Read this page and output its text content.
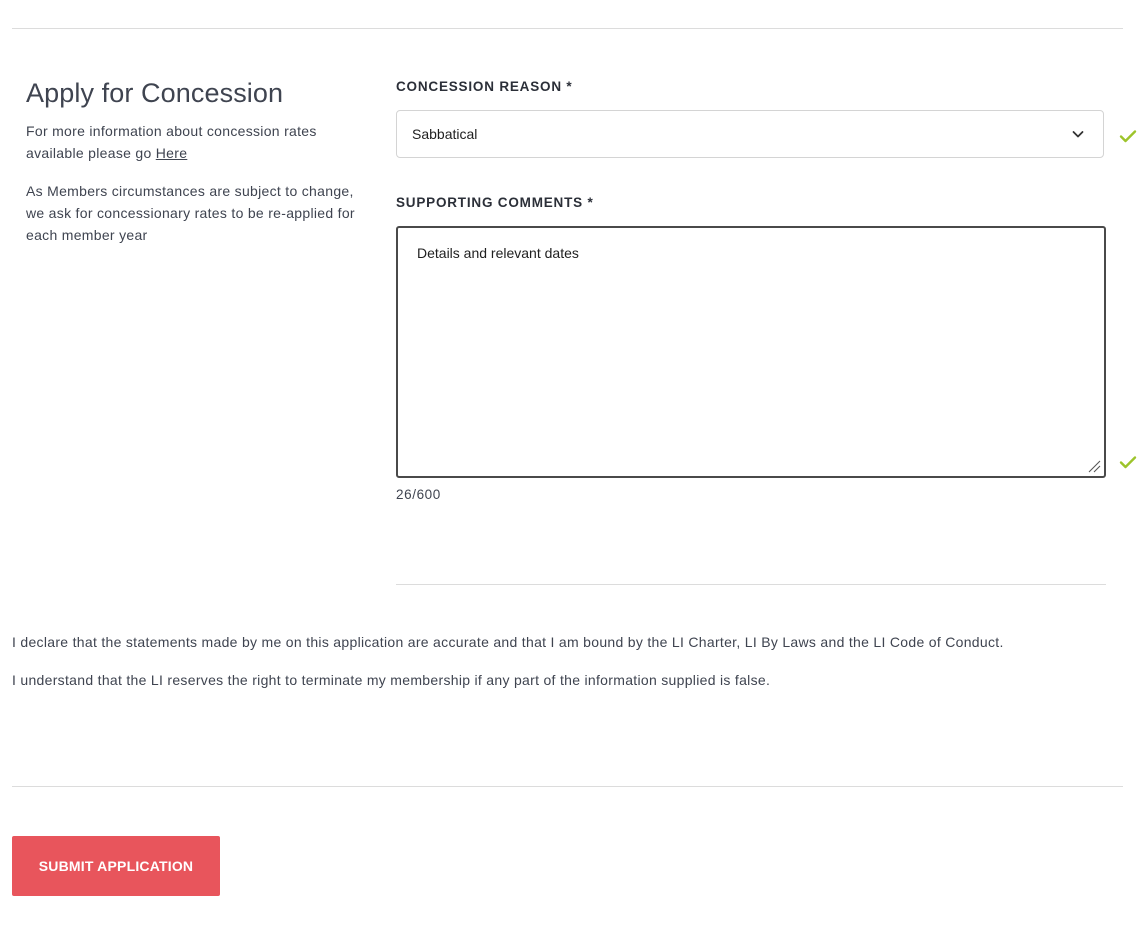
Apply for Concession

For more information about concession rates available please go Here

As Members circumstances are subject to change, we ask for concessionary rates to be re-applied for each member year

CONCESSION REASON *
Sabbatical
SUPPORTING COMMENTS *
Details and relevant dates
26/600

I declare that the statements made by me on this application are accurate and that I am bound by the LI Charter, LI By Laws and the LI Code of Conduct.

I understand that the LI reserves the right to terminate my membership if any part of the information supplied is false.

SUBMIT APPLICATION
